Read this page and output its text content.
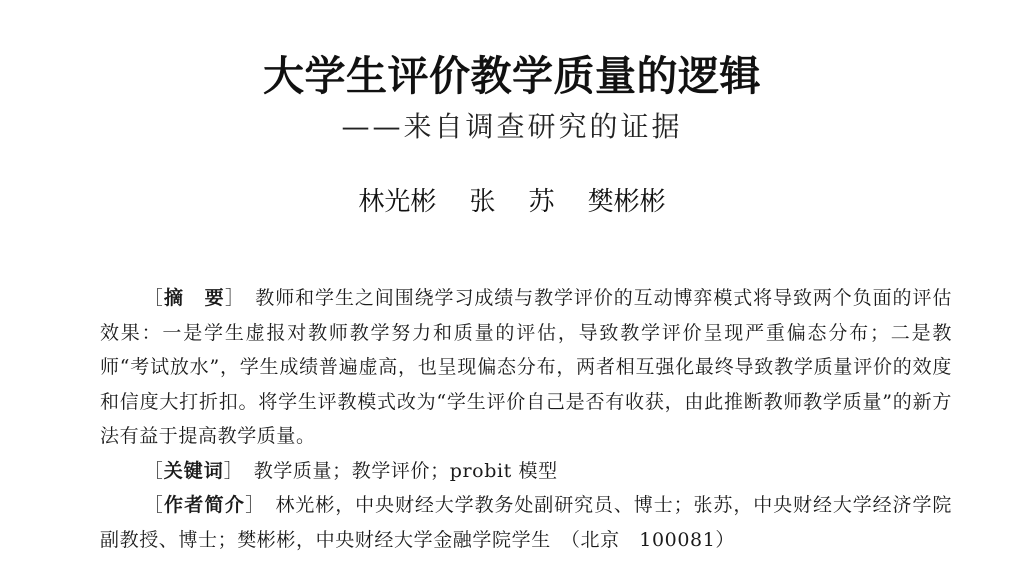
大学生评价教学质量的逻辑
——来自调查研究的证据
林光彬    张    苏    樊彬彬

［摘　要］ 教师和学生之间围绕学习成绩与教学评价的互动博弈模式将导致两个负面的评估效果：一是学生虚报对教师教学努力和质量的评估，导致教学评价呈现严重偏态分布；二是教师“考试放水”，学生成绩普遍虚高，也呈现偏态分布，两者相互强化最终导致教学质量评价的效度和信度大打折扣。将学生评教模式改为“学生评价自己是否有收获，由此推断教师教学质量”的新方法有益于提高教学质量。

［关键词］ 教学质量；教学评价；probit 模型

［作者简介］ 林光彬，中央财经大学教务处副研究员、博士；张苏，中央财经大学经济学院副教授、博士；樊彬彬，中央财经大学金融学院学生　（北京　100081）
